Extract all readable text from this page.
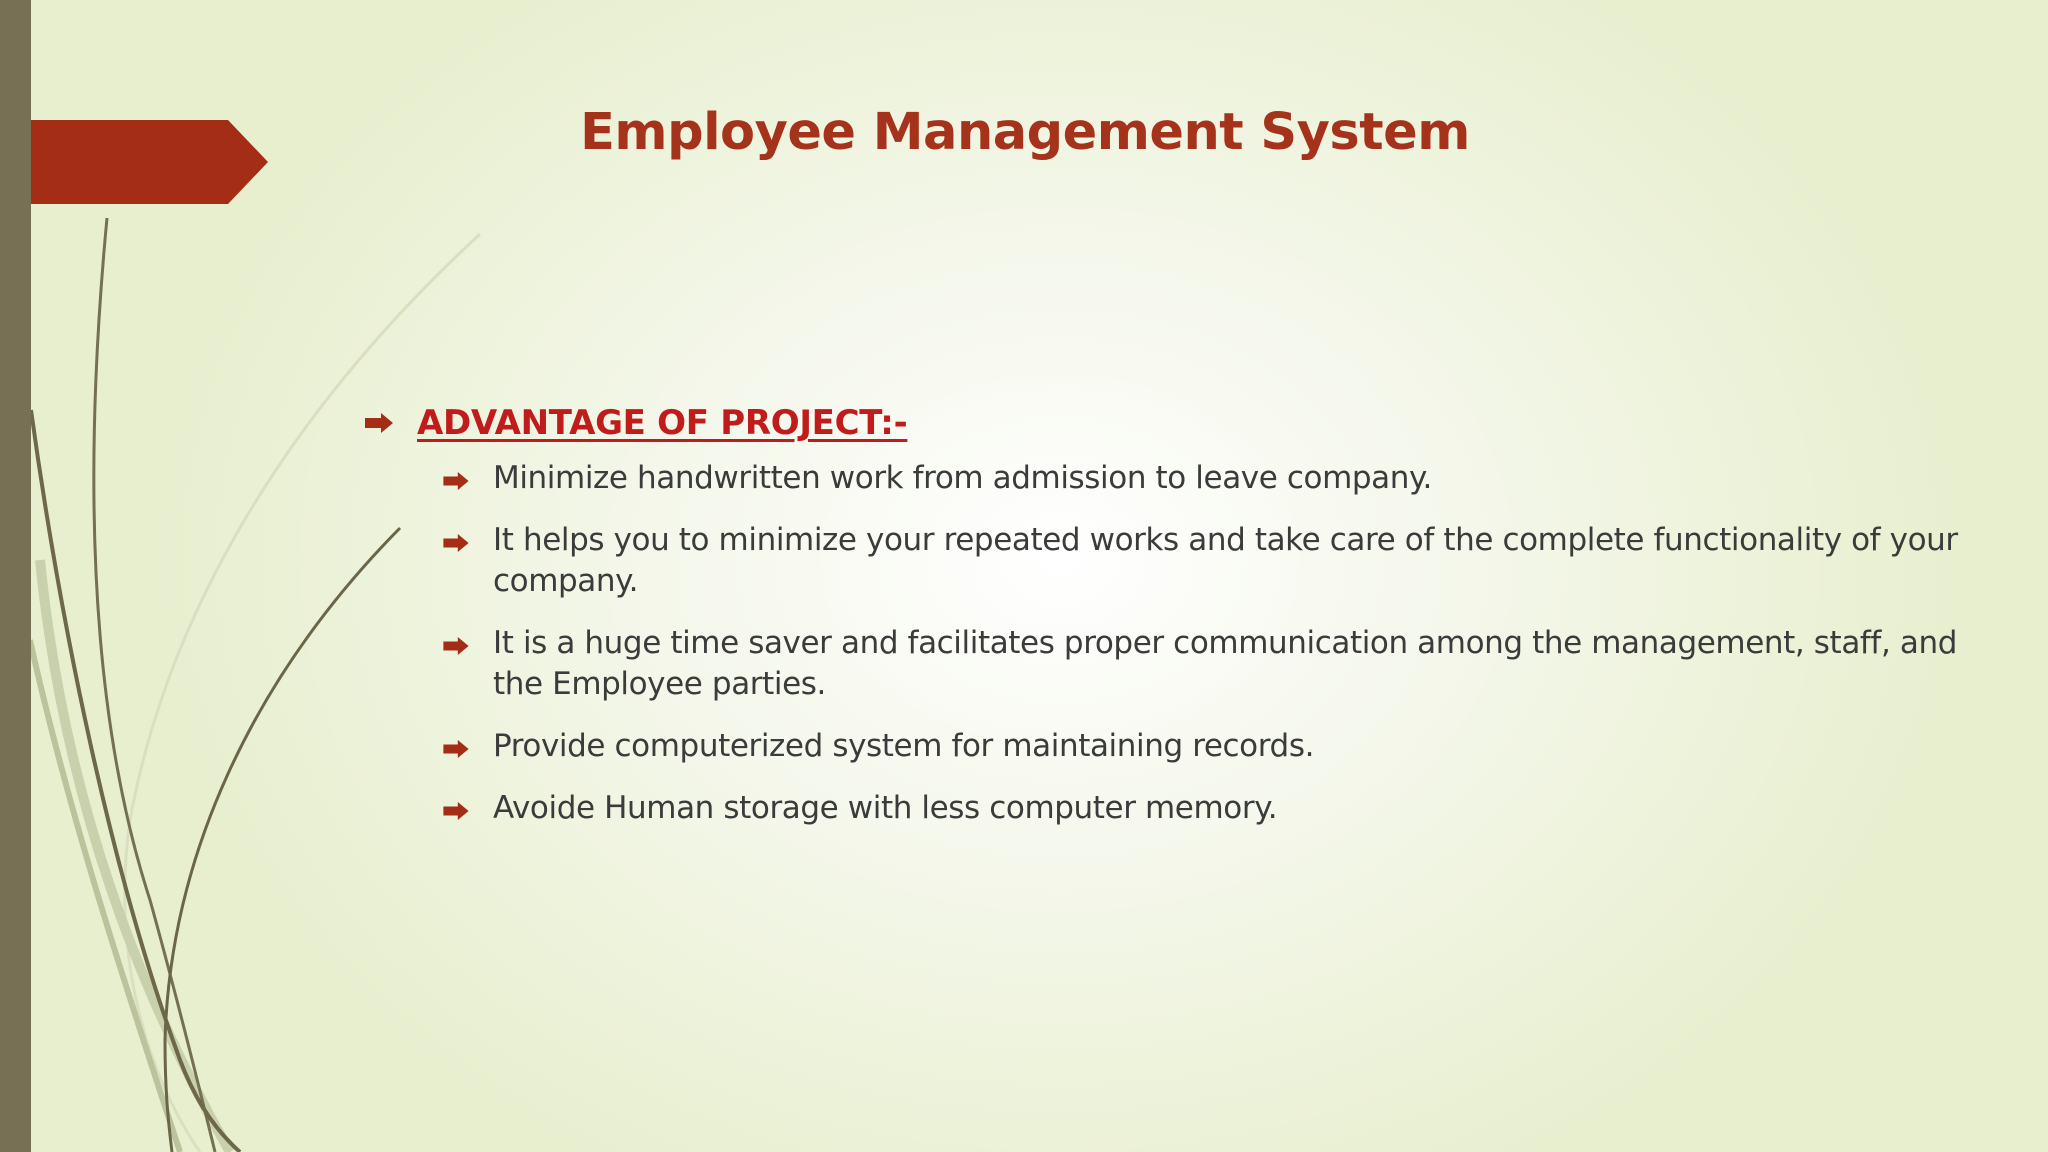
Employee Management System
ADVANTAGE OF PROJECT:-
Minimize handwritten work from admission to leave company.
It helps you to minimize your repeated works and take care of the complete functionality of your company.
It is a huge time saver and facilitates proper communication among the management, staff, and the Employee parties.
Provide computerized system for maintaining records.
Avoide Human storage with less computer memory.
